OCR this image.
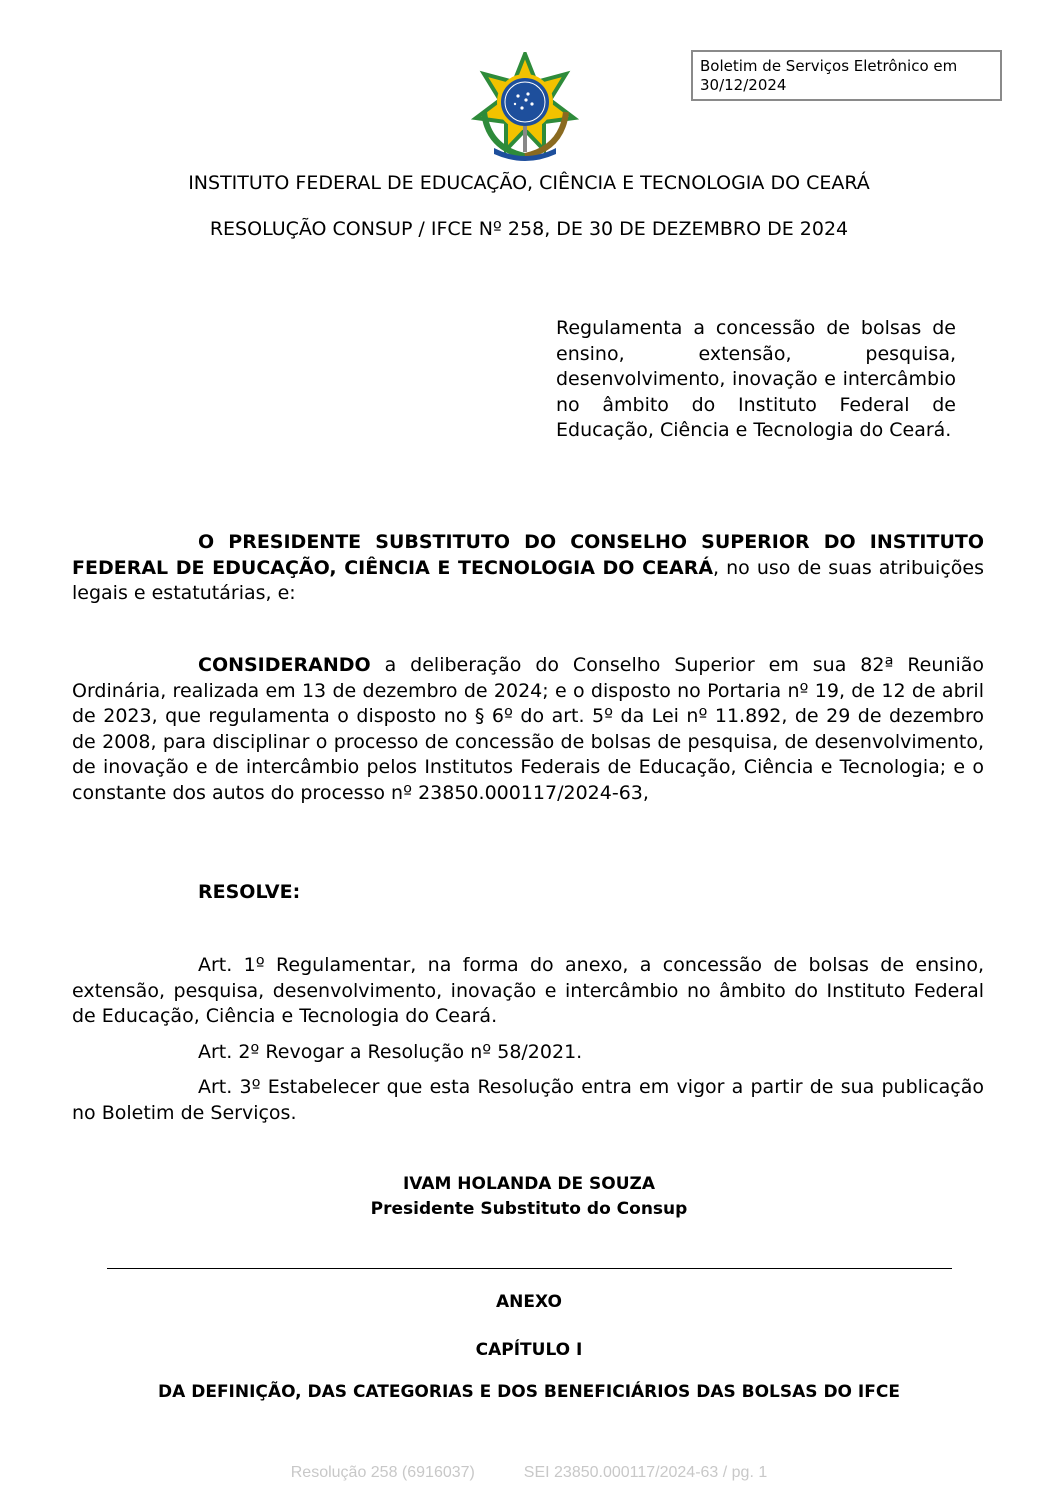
Boletim de Serviços Eletrônico em
30/12/2024
INSTITUTO FEDERAL DE EDUCAÇÃO, CIÊNCIA E TECNOLOGIA DO CEARÁ
RESOLUÇÃO CONSUP / IFCE Nº 258, DE 30 DE DEZEMBRO DE 2024
Regulamenta a concessão de bolsas de ensino, extensão, pesquisa, desenvolvimento, inovação e intercâmbio no âmbito do Instituto Federal de Educação, Ciência e Tecnologia do Ceará.
O PRESIDENTE SUBSTITUTO DO CONSELHO SUPERIOR DO INSTITUTO FEDERAL DE EDUCAÇÃO, CIÊNCIA E TECNOLOGIA DO CEARÁ, no uso de suas atribuições legais e estatutárias, e:
CONSIDERANDO a deliberação do Conselho Superior em sua 82ª Reunião Ordinária, realizada em 13 de dezembro de 2024; e o disposto no Portaria nº 19, de 12 de abril de 2023, que regulamenta o disposto no § 6º do art. 5º da Lei nº 11.892, de 29 de dezembro de 2008, para disciplinar o processo de concessão de bolsas de pesquisa, de desenvolvimento, de inovação e de intercâmbio pelos Institutos Federais de Educação, Ciência e Tecnologia; e o constante dos autos do processo nº 23850.000117/2024-63,
RESOLVE:
Art. 1º Regulamentar, na forma do anexo, a concessão de bolsas de ensino, extensão, pesquisa, desenvolvimento, inovação e intercâmbio no âmbito do Instituto Federal de Educação, Ciência e Tecnologia do Ceará.
Art. 2º Revogar a Resolução nº 58/2021.
Art. 3º Estabelecer que esta Resolução entra em vigor a partir de sua publicação no Boletim de Serviços.
IVAM HOLANDA DE SOUZA
Presidente Substituto do Consup
ANEXO
CAPÍTULO I
DA DEFINIÇÃO, DAS CATEGORIAS E DOS BENEFICIÁRIOS DAS BOLSAS DO IFCE
Resolução 258 (6916037)	SEI 23850.000117/2024-63 / pg. 1
